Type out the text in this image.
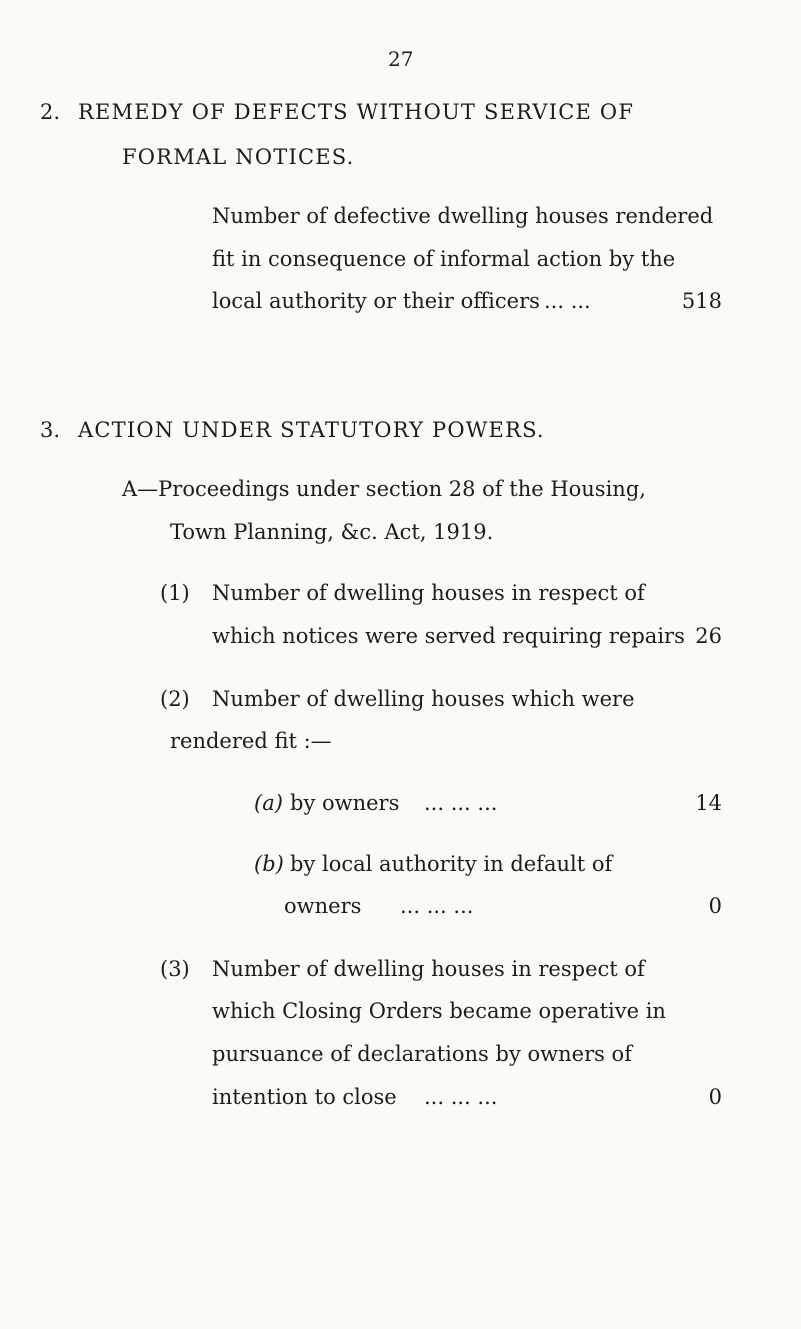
27
2. REMEDY OF DEFECTS WITHOUT SERVICE OF
FORMAL NOTICES.
Number of defective dwelling houses rendered
fit in consequence of informal action by the
local authority or their officers ... ...	518
3. ACTION UNDER STATUTORY POWERS.
A—Proceedings under section 28 of the Housing,
Town Planning, &c. Act, 1919.
(1) Number of dwelling houses in respect of
which notices were served requiring repairs 26
(2) Number of dwelling houses which were
rendered fit :—
(a) by owners ... ... ...	14
(b) by local authority in default of
owners ... ... ...	0
(3) Number of dwelling houses in respect of
which Closing Orders became operative in
pursuance of declarations by owners of
intention to close ... ... ...	0
